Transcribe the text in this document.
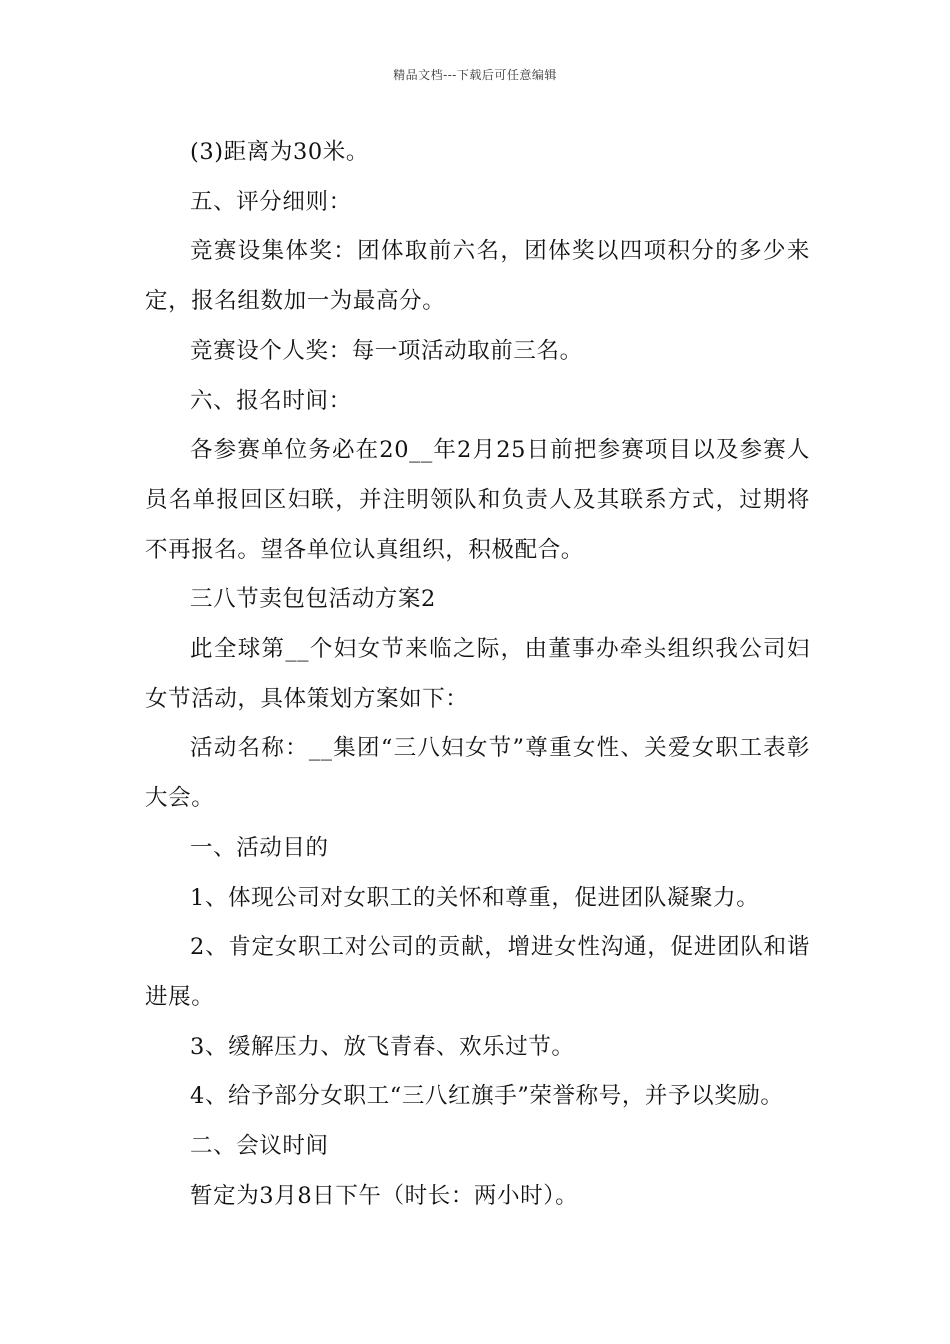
精品文档---下载后可任意编辑

(3)距离为30米。

五、评分细则：

竞赛设集体奖：团体取前六名，团体奖以四项积分的多少来定，报名组数加一为最高分。

竞赛设个人奖：每一项活动取前三名。

六、报名时间：

各参赛单位务必在20__年2月25日前把参赛项目以及参赛人员名单报回区妇联，并注明领队和负责人及其联系方式，过期将不再报名。望各单位认真组织，积极配合。

三八节卖包包活动方案2

此全球第__个妇女节来临之际，由董事办牵头组织我公司妇女节活动，具体策划方案如下：

活动名称：__集团“三八妇女节”尊重女性、关爱女职工表彰大会。

一、活动目的

1、体现公司对女职工的关怀和尊重，促进团队凝聚力。

2、肯定女职工对公司的贡献，增进女性沟通，促进团队和谐进展。

3、缓解压力、放飞青春、欢乐过节。

4、给予部分女职工“三八红旗手”荣誉称号，并予以奖励。

二、会议时间

暂定为3月8日下午（时长：两小时）。
